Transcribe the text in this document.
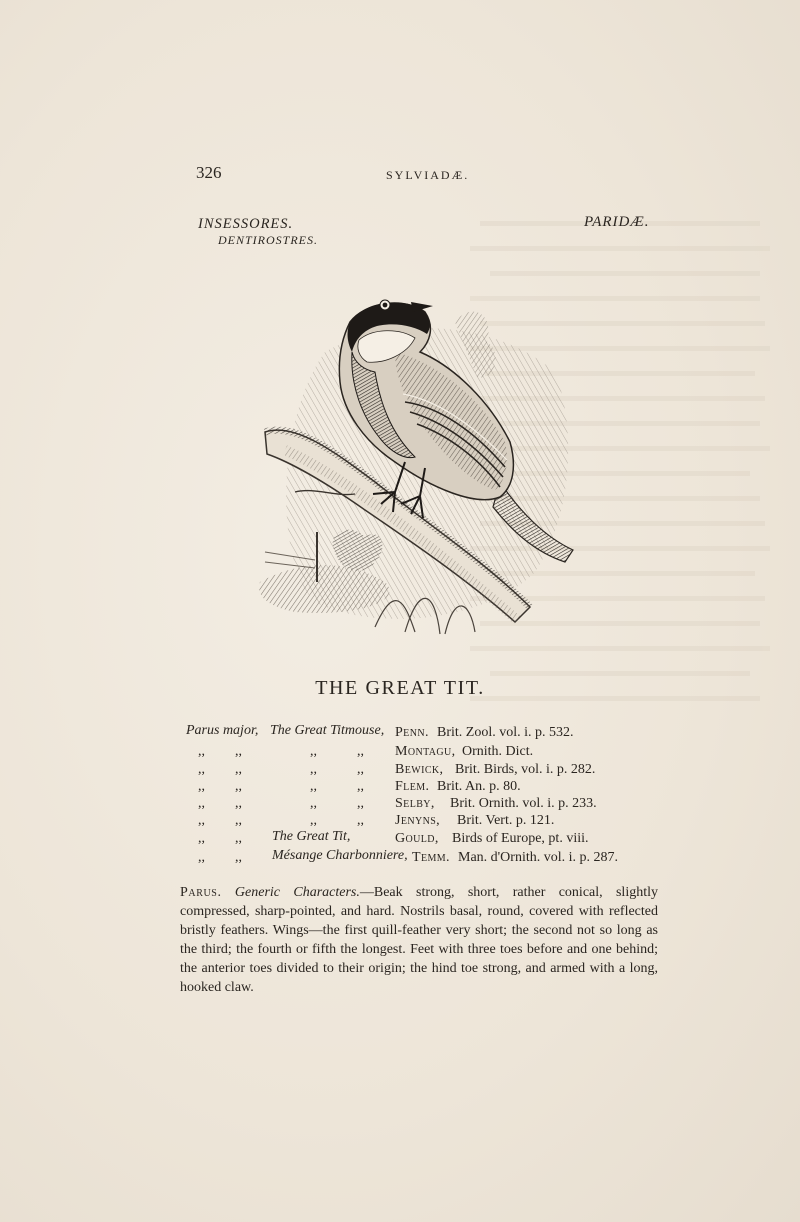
326	SYLVIADÆ.
INSESSORES.
DENTIROSTRES.
PARIDÆ.
THE GREAT TIT.
Parus major, The Great Titmouse, Penn. Brit. Zool. vol. i. p. 532.
,, ,,	,,	,, Montagu, Ornith. Dict.
,, ,,	,,	,, Bewick, Brit. Birds, vol. i. p. 282.
,, ,,	,,	,, Flem. Brit. An. p. 80.
,, ,,	,,	,, Selby, Brit. Ornith. vol. i. p. 233.
,, ,,	,,	,, Jenyns, Brit. Vert. p. 121.
,, ,, The Great Tit,	Gould, Birds of Europe, pt. viii.
,, ,, Mésange Charbonniere, Temm. Man. d'Ornith. vol. i. p. 287.
Parus. Generic Characters.—Beak strong, short, rather conical, slightly compressed, sharp-pointed, and hard. Nostrils basal, round, covered with reflected bristly feathers. Wings—the first quill-feather very short; the second not so long as the third; the fourth or fifth the longest. Feet with three toes before and one behind; the anterior toes divided to their origin; the hind toe strong, and armed with a long, hooked claw.
